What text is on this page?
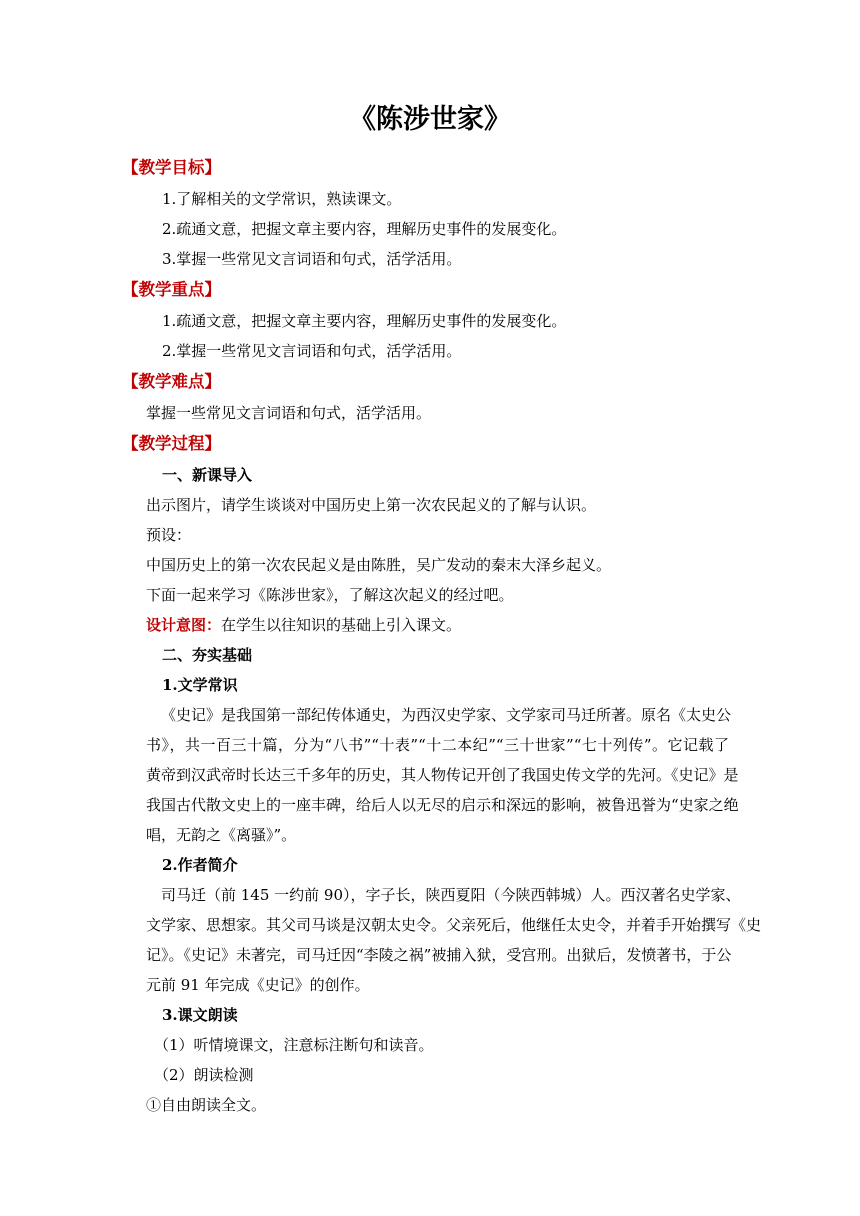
《陈涉世家》
【教学目标】
1.了解相关的文学常识，熟读课文。
2.疏通文意，把握文章主要内容，理解历史事件的发展变化。
3.掌握一些常见文言词语和句式，活学活用。
【教学重点】
1.疏通文意，把握文章主要内容，理解历史事件的发展变化。
2.掌握一些常见文言词语和句式，活学活用。
【教学难点】
掌握一些常见文言词语和句式，活学活用。
【教学过程】
一、新课导入
出示图片，请学生谈谈对中国历史上第一次农民起义的了解与认识。
预设：
中国历史上的第一次农民起义是由陈胜，吴广发动的秦末大泽乡起义。
下面一起来学习《陈涉世家》，了解这次起义的经过吧。
设计意图：在学生以往知识的基础上引入课文。
二、夯实基础
1.文学常识
《史记》是我国第一部纪传体通史，为西汉史学家、文学家司马迁所著。原名《太史公
书》，共一百三十篇，分为“八书”“十表”“十二本纪”“三十世家”“七十列传”。它记载了
黄帝到汉武帝时长达三千多年的历史，其人物传记开创了我国史传文学的先河。《史记》是
我国古代散文史上的一座丰碑，给后人以无尽的启示和深远的影响，被鲁迅誉为“史家之绝
唱，无韵之《离骚》”。
2.作者简介
司马迁（前 145 一约前 90），字子长，陕西夏阳（今陕西韩城）人。西汉著名史学家、
文学家、思想家。其父司马谈是汉朝太史令。父亲死后，他继任太史令，并着手开始撰写《史
记》。《史记》未著完，司马迁因“李陵之祸”被捕入狱，受宫刑。出狱后，发愤著书，于公
元前 91 年完成《史记》的创作。
3.课文朗读
（1）听情境课文，注意标注断句和读音。
（2）朗读检测
①自由朗读全文。
